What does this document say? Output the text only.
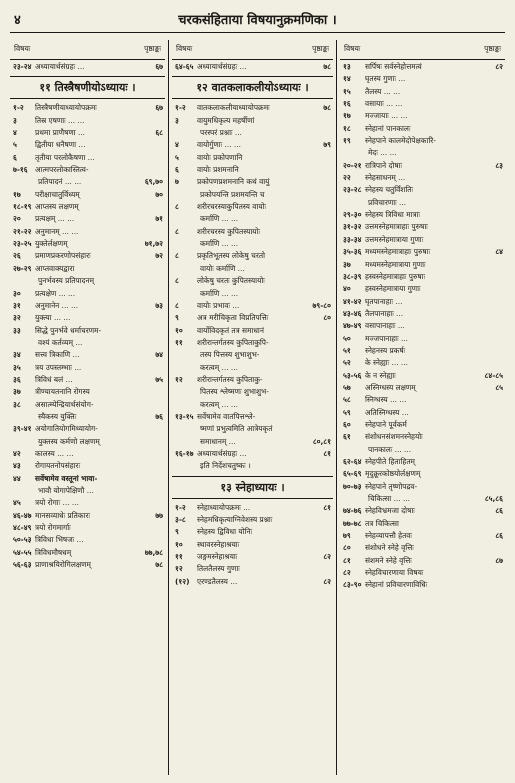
४	चरकसंहिताया विषयानुक्रमणिका ।
विषयः	पृष्ठाङ्कः
२३-२४ अध्यायार्थसंग्रहः ...	६७
११ तिस्त्रैषणीयोऽध्यायः ।
१-२ तिस्त्रैषणीयाध्यायोपक्रमः	६७
३ तिस्र एषणाः ... ...
४ प्रथमा प्राणैषणा ...	६८
५ द्वितीया धनैषणा ...
६ तृतीया परलोकैषणा ...
७-१६ आत्मपरलोकास्तित्व-
प्रतिपादनं ... ...	६९,७०
१७ परीक्षाचातुर्विध्यम्	७०
१८-१९ आप्तस्य लक्षणम्
२० प्रत्यक्षम् ... ...	७१
२१-२२ अनुमानम् ... ...
२३-२५ युक्तेर्लक्षणम्	७१,७२
२६ प्रमाणप्रकरणोपसंहारः	७२
२७-२९ आप्तवाक्यद्वारा
पुनर्भवस्य प्रतिपादनम्
३० प्रत्यक्षेण ... ...
३१ अनुमानेन ... ...	७३
३२ युक्त्या ... ...
३३ सिद्धे पुनर्भवे धर्माचरणम-
वश्यं कर्तव्यम् ...
३४ सत्त्व त्रिकाणि ...	७४
३५ त्रय उपस्तम्भाः ...
३६ त्रिविधं बलं ...	७५
३७ त्रीण्यायतनानि रोगस्य
३८ असात्म्येन्द्रियार्थसंयोग-
स्यैकस्य युक्तिः	७६
३९-४१ अयोगातियोगमिथ्यायोग-
युक्तस्य कर्मणो लक्षणम्
४२ कालस्य ... ...
४३ रोगायतनोपसंहारः
४४ सर्वेषामेव वस्तूनां भावा-
भावौ योगापेक्षिणौ ...
४५ त्रयो रोगाः ... ...
४६-४७ मानसव्याधेः प्रतिकारः	७७
४८-४९ त्रयो रोगमार्गाः
५०-५३ त्रिविधा भिषजः ...
५४-५५ त्रिविधमौषधम्	७७,७८
५६-६३ प्राणाश्रयिरोगिलक्षणम्	७८
विषयः	पृष्ठाङ्कः
६४-६५ अध्यायार्थसंग्रहः ...	७८
१२ वातकलाकलीयोऽध्यायः ।
१-२ वातकलाकलीयाध्यायोपक्रमः	७८
३ वायुमधिकृत्य महर्षीणां
परस्परं प्रश्नाः ...
४ वायोर्गुणाः ... ...	७९
५ वायोः प्रकोपणानि
६ वायोः प्रशमनानि
७ प्रकोपणप्रशमनानि कथं वायुं
प्रकोपयन्ति प्रशमयन्ति च
८ शरीरचरस्याकुपितस्य वायोः
कर्माणि ... ...
८ शरीरचरस्य कुपितस्यायोः
कर्माणि ... ...
८ प्रकृतिभूतस्य लोकेषु चरतो
वायोः कर्माणि ...
८ लोकेषु चरतः कुपितस्यायोः
कर्माणि ... ...
८ वायोः प्रभावः ...	७९-८०
९ अत्र मरीचिकृता विप्रतिपत्तिः	८०
१० वार्योविदकृतं तत्र समाधानं
११ शरीरान्तर्गतस्य कुपिताकुपि-
तस्य पित्तस्य शुभाशुभ-
करत्वम् ... ...
१२ शरीरान्तर्गतस्य कुपिताकु-
पितस्य श्लेष्मणः शुभाशुभ-
करत्वम् ... ...
१३-१५ सर्वेषामेव वातपित्तश्ले-
ष्मणां प्रभुत्वमिति आत्रेयकृतं
समाधानम् ...	८०,८१
१६-१७ अध्यायार्थसंग्रहः ...	८१
इति निर्देशचतुष्कः ।
१३ स्नेहाध्यायः ।
१-२ स्नेहाध्यायोपक्रमः ...	८१
३-८ स्नेहमधिकृत्याग्निवेशस्य प्रश्नाः
९ स्नेहस्य द्विविधा योनिः
१० स्थावरस्नेहाश्रयाः
११ जङ्गमस्नेहाश्रयाः	८२
१२ तिलतैलस्य गुणाः
(१२) एरण्डतैलस्य ...	८२
विषयः	पृष्ठाङ्कः
१३ सर्पिषः सर्वस्नेहोत्तमत्वं	८२
१४ घृतस्य गुणाः ...
१५ तैलस्य ... ...
१६ वसायाः ... ...
१७ मज्जायाः ... ...
१८ स्नेहानां पानकालः
१९ स्नेहपाने कालमेदोपेक्षकारि-
मेदः ... ...
२०-२१ रात्रिपाने दोषाः	८३
२२ स्नेहसाधनम् ...
२३-२८ स्नेहस्य चतुर्विंशतिः
प्रविचारणाः ...
२९-३० स्नेहस्य त्रिविधा मात्राः
३१-३२ उत्तमस्नेहमात्राहाः पुरुषाः
३३-३४ उत्तमस्नेहमात्राया गुणाः
३५-३६ मध्यमस्नेहमात्राहाः पुरुषाः	८४
३७ मध्यमस्नेहमात्राया गुणाः
३८-३९ हस्वस्नेहमात्राहाः पुरुषाः
४० हस्वस्नेहमात्राया गुणाः
४१-४२ घृतपानाहाः ...
४३-४६ तैलपानाहाः ...
४७-४९ वसापानाहाः ...
५० मज्जपानाहाः ...
५१ स्नेहनस्य प्रकर्षः
५२ के स्नेह्याः ... ...
५३-५६ के न स्नेह्याः	८४-८५
५७ अस्निग्धस्य लक्षणम्	८५
५८ स्निग्धस्य ... ...
५९ अतिस्निग्धस्य ...
६० स्नेहपाने पूर्वकर्म
६१ संशोधनसंशमनस्नेहयोः
पानकालः ... ...
६२-६४ स्नेहपीते हिताहितम्
६५-६९ मृदुक्रूरकोष्ठयोर्लक्षणम्
७०-७३ स्नेहपाने तृष्णोपद्रव-
चिकित्सा ... ...	८५,८६
७४-७६ स्नेहविभ्रमजा दोषाः	८६
७७-७८ तत्र चिकित्सा
७९ स्नेहव्यापत्तौ हेतवः	८६
८० संशोधने स्नेहे वृत्तिः
८१ संशमने स्नेहे वृत्तिः	८७
८२ स्नेहविचारणाया विषयः
८३-९० स्नेहानां प्रविचारणाविधिः
